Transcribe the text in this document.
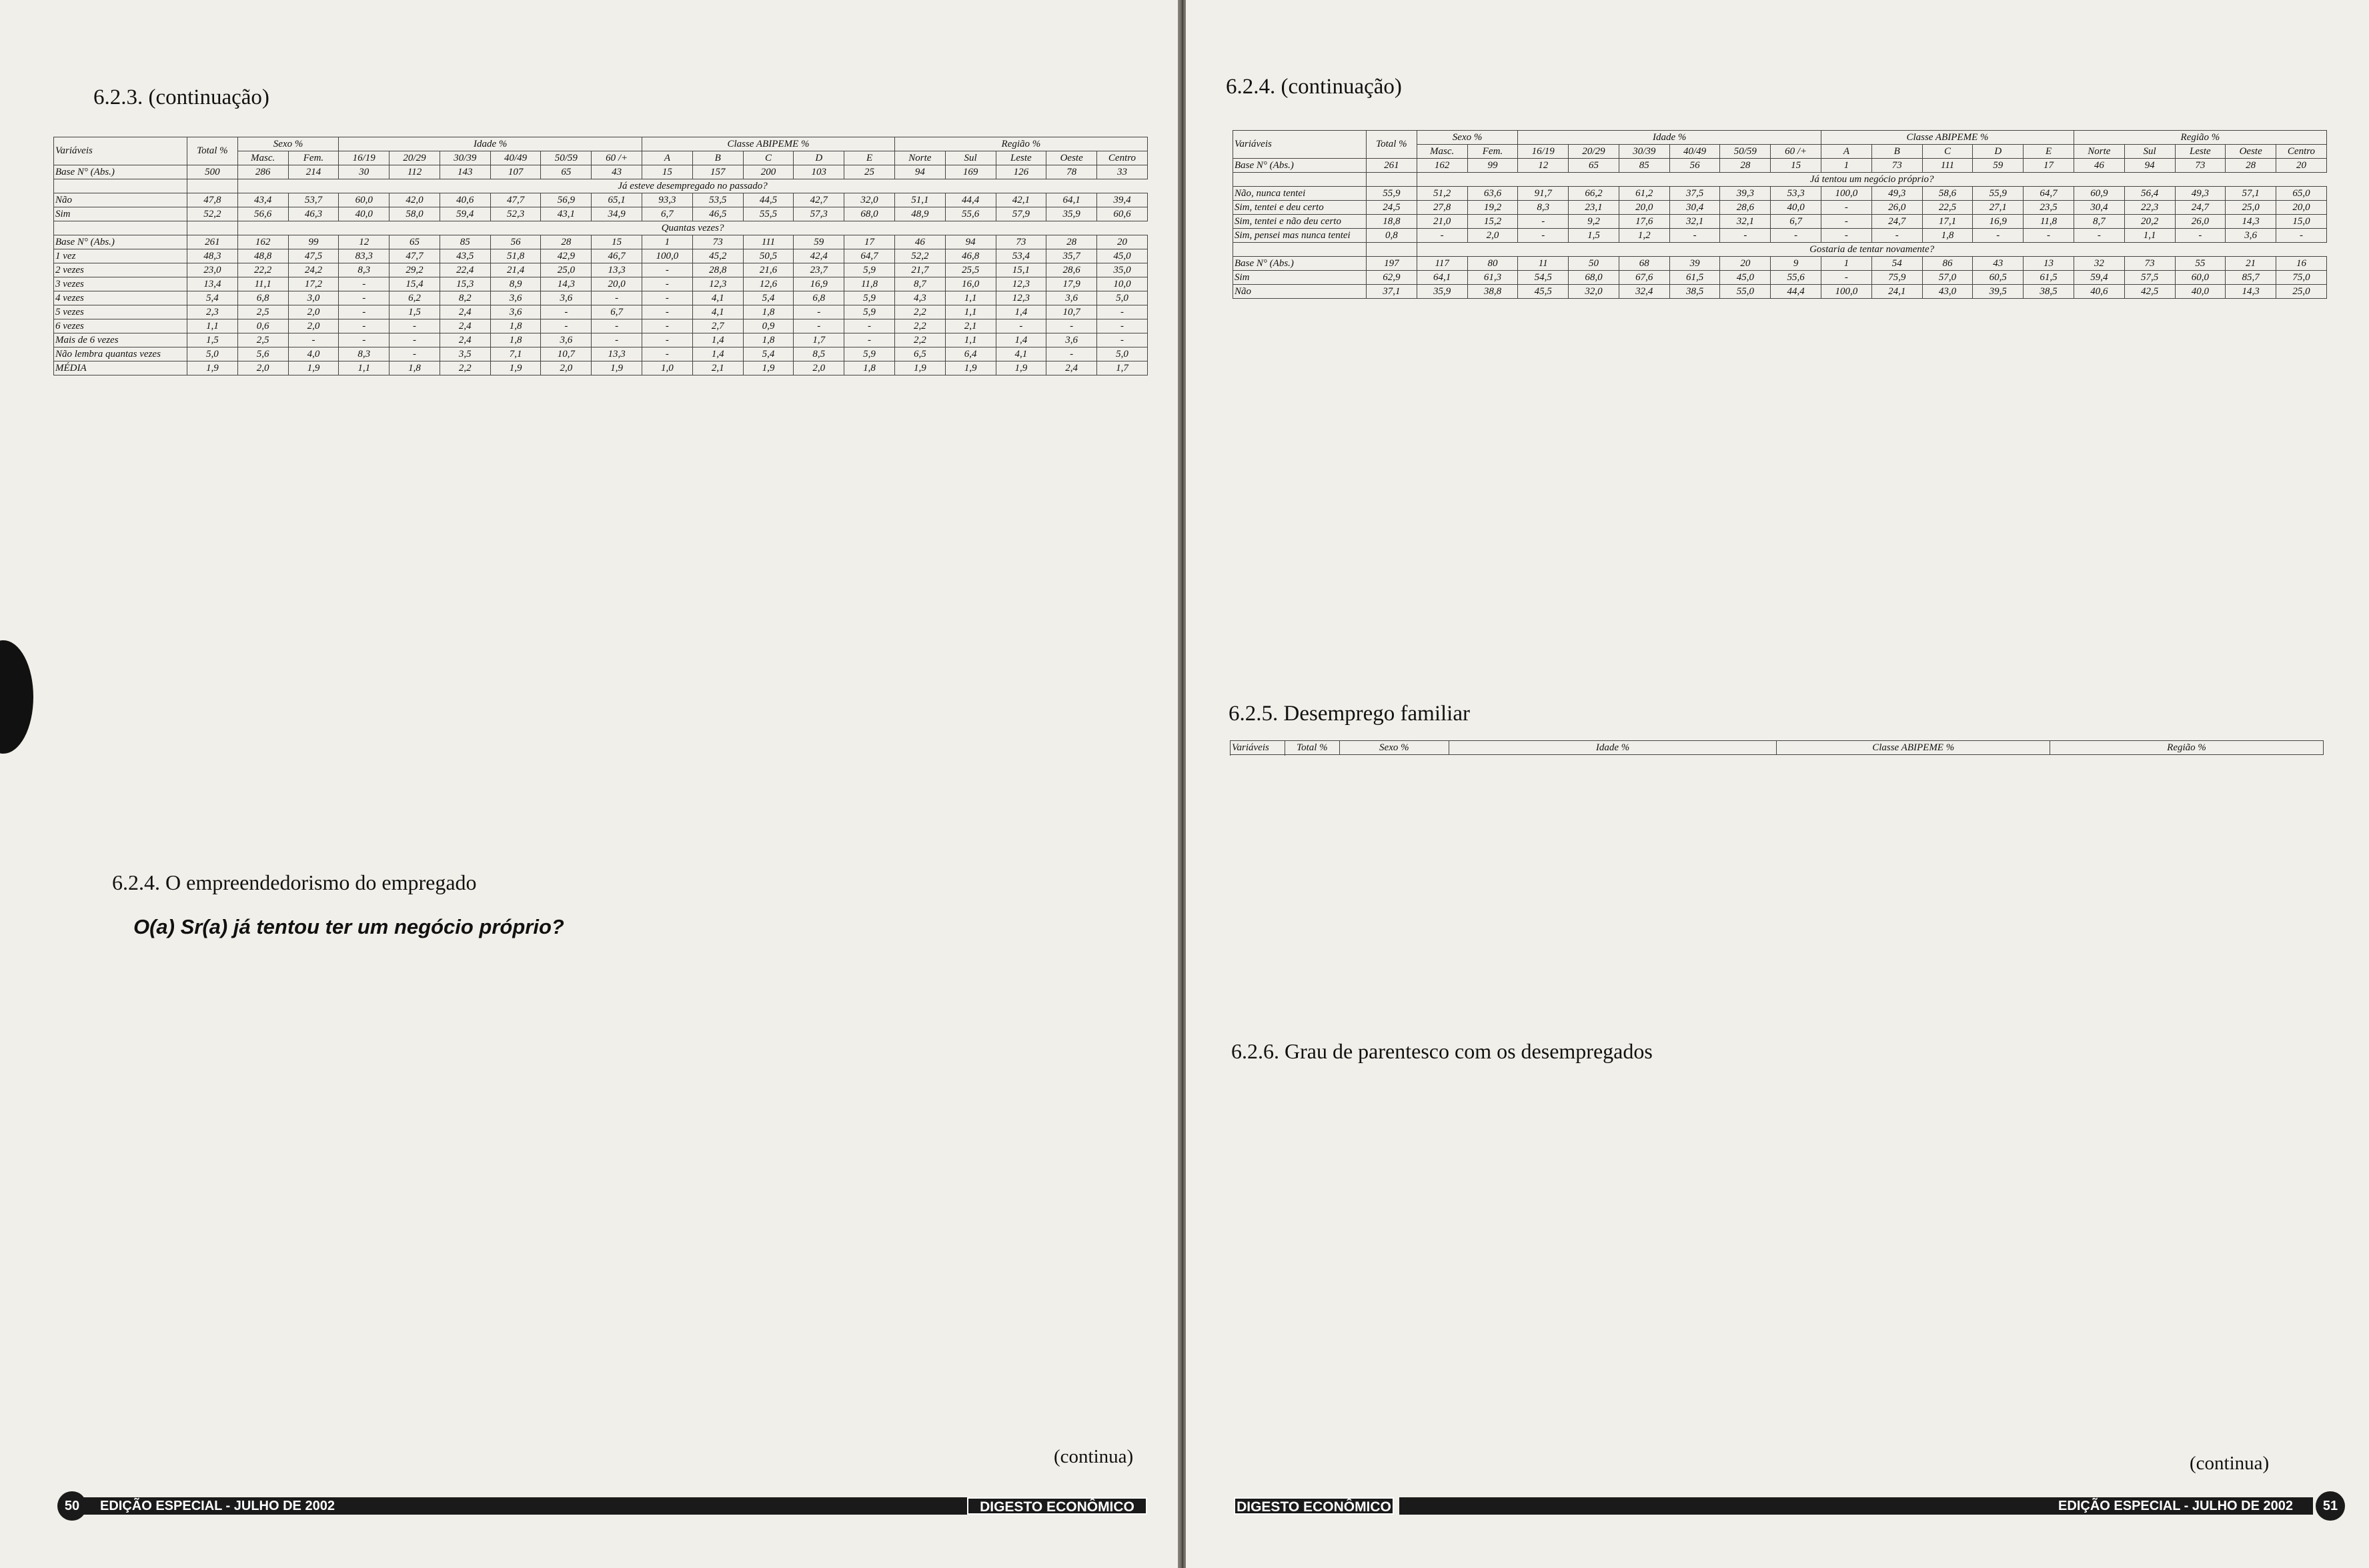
6.2.3. (continuação)
Variáveis	Total %	Sexo %		Idade %						Classe ABIPEME %					Região %				
		Masc.	Fem.	16/19	20/29	30/39	40/49	50/59	60 /+	A	B	C	D	E	Norte	Sul	Leste	Oeste	Centro
Base N° (Abs.)	500	286	214	30	112	143	107	65	43	15	157	200	103	25	94	169	126	78	33
		Já esteve desempregado no passado?																	
Não	47,8	43,4	53,7	60,0	42,0	40,6	47,7	56,9	65,1	93,3	53,5	44,5	42,7	32,0	51,1	44,4	42,1	64,1	39,4
Sim	52,2	56,6	46,3	40,0	58,0	59,4	52,3	43,1	34,9	6,7	46,5	55,5	57,3	68,0	48,9	55,6	57,9	35,9	60,6
		Quantas vezes?																	
Base N° (Abs.)	261	162	99	12	65	85	56	28	15	1	73	111	59	17	46	94	73	28	20
1 vez	48,3	48,8	47,5	83,3	47,7	43,5	51,8	42,9	46,7	100,0	45,2	50,5	42,4	64,7	52,2	46,8	53,4	35,7	45,0
2 vezes	23,0	22,2	24,2	8,3	29,2	22,4	21,4	25,0	13,3	-	28,8	21,6	23,7	5,9	21,7	25,5	15,1	28,6	35,0
3 vezes	13,4	11,1	17,2	-	15,4	15,3	8,9	14,3	20,0	-	12,3	12,6	16,9	11,8	8,7	16,0	12,3	17,9	10,0
4 vezes	5,4	6,8	3,0	-	6,2	8,2	3,6	3,6	-	-	4,1	5,4	6,8	5,9	4,3	1,1	12,3	3,6	5,0
5 vezes	2,3	2,5	2,0	-	1,5	2,4	3,6	-	6,7	-	4,1	1,8	-	5,9	2,2	1,1	1,4	10,7	-
6 vezes	1,1	0,6	2,0	-	-	2,4	1,8	-	-	-	2,7	0,9	-	-	2,2	2,1	-	-	-
Mais de 6 vezes	1,5	2,5	-	-	-	2,4	1,8	3,6	-	-	1,4	1,8	1,7	-	2,2	1,1	1,4	3,6	-
Não lembra quantas vezes	5,0	5,6	4,0	8,3	-	3,5	7,1	10,7	13,3	-	1,4	5,4	8,5	5,9	6,5	6,4	4,1	-	5,0
MÉDIA	1,9	2,0	1,9	1,1	1,8	2,2	1,9	2,0	1,9	1,0	2,1	1,9	2,0	1,8	1,9	1,9	1,9	2,4	1,7
6.2.4. O empreendedorismo do empregado
O(a) Sr(a) já tentou ter um negócio próprio?
(continua)
EDIÇÃO ESPECIAL - JULHO DE 2002	DIGESTO ECONÔMICO
50
6.2.4. (continuação)
Variáveis	Total %	Sexo %		Idade %						Classe ABIPEME %					Região %				
		Masc.	Fem.	16/19	20/29	30/39	40/49	50/59	60 /+	A	B	C	D	E	Norte	Sul	Leste	Oeste	Centro
Base N° (Abs.)	261	162	99	12	65	85	56	28	15	1	73	111	59	17	46	94	73	28	20
		Já tentou um negócio próprio?																	
Não, nunca tentei	55,9	51,2	63,6	91,7	66,2	61,2	37,5	39,3	53,3	100,0	49,3	58,6	55,9	64,7	60,9	56,4	49,3	57,1	65,0
Sim, tentei e deu certo	24,5	27,8	19,2	8,3	23,1	20,0	30,4	28,6	40,0	-	26,0	22,5	27,1	23,5	30,4	22,3	24,7	25,0	20,0
Sim, tentei e não deu certo	18,8	21,0	15,2	-	9,2	17,6	32,1	32,1	6,7	-	24,7	17,1	16,9	11,8	8,7	20,2	26,0	14,3	15,0
Sim, pensei mas nunca tentei	0,8	-	2,0	-	1,5	1,2	-	-	-	-	-	1,8	-	-	-	1,1	-	3,6	-
		Gostaria de tentar novamente?																	
Base N° (Abs.)	197	117	80	11	50	68	39	20	9	1	54	86	43	13	32	73	55	21	16
Sim	62,9	64,1	61,3	54,5	68,0	67,6	61,5	45,0	55,6	-	75,9	57,0	60,5	61,5	59,4	57,5	60,0	85,7	75,0
Não	37,1	35,9	38,8	45,5	32,0	32,4	38,5	55,0	44,4	100,0	24,1	43,0	39,5	38,5	40,6	42,5	40,0	14,3	25,0
6.2.5. Desemprego familiar
Variáveis	Total %	Sexo %	Idade %	Classe ABIPEME %	Região %

6.2.6. Grau de parentesco com os desempregados
(continua)
DIGESTO ECONÔMICO	EDIÇÃO ESPECIAL - JULHO DE 2002	51
